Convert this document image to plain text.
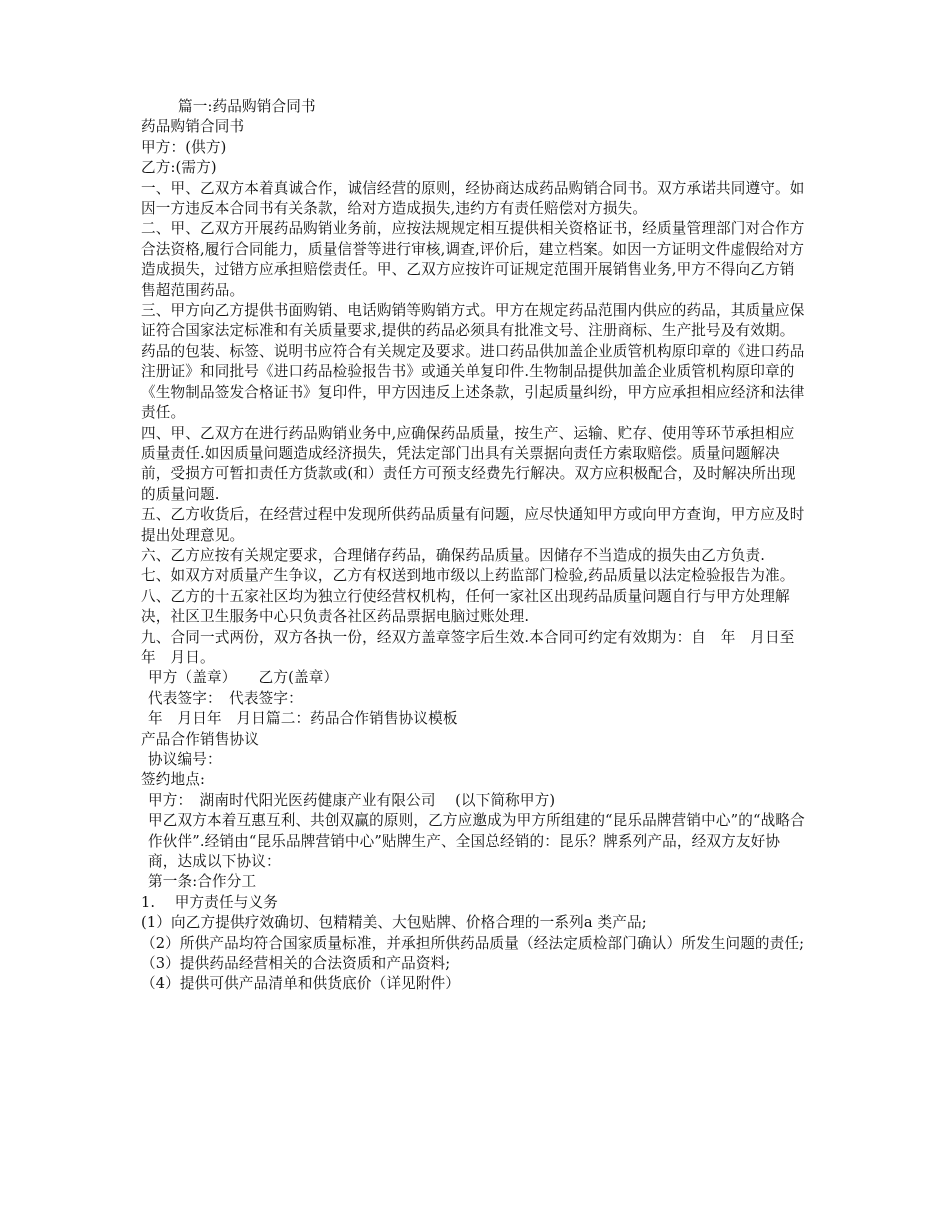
篇一:药品购销合同书
药品购销合同书
甲方：(供方)
乙方:(需方)
一、甲、乙双方本着真诚合作，诚信经营的原则，经协商达成药品购销合同书。双方承诺共同遵守。如因一方违反本合同书有关条款，给对方造成损失,违约方有责任赔偿对方损失。
二、甲、乙双方开展药品购销业务前，应按法规规定相互提供相关资格证书，经质量管理部门对合作方合法资格,履行合同能力，质量信誉等进行审核,调查,评价后，建立档案。如因一方证明文件虚假给对方造成损失，过错方应承担赔偿责任。甲、乙双方应按许可证规定范围开展销售业务,甲方不得向乙方销售超范围药品。
三、甲方向乙方提供书面购销、电话购销等购销方式。甲方在规定药品范围内供应的药品，其质量应保证符合国家法定标准和有关质量要求,提供的药品必须具有批准文号、注册商标、生产批号及有效期。药品的包装、标签、说明书应符合有关规定及要求。进口药品供加盖企业质管机构原印章的《进口药品注册证》和同批号《进口药品检验报告书》或通关单复印件.生物制品提供加盖企业质管机构原印章的《生物制品签发合格证书》复印件，甲方因违反上述条款，引起质量纠纷，甲方应承担相应经济和法律责任。
四、甲、乙双方在进行药品购销业务中,应确保药品质量，按生产、运输、贮存、使用等环节承担相应质量责任.如因质量问题造成经济损失，凭法定部门出具有关票据向责任方索取赔偿。质量问题解决前，受损方可暂扣责任方货款或(和）责任方可预支经费先行解决。双方应积极配合，及时解决所出现的质量问题.
五、乙方收货后，在经营过程中发现所供药品质量有问题，应尽快通知甲方或向甲方查询，甲方应及时提出处理意见。
六、乙方应按有关规定要求，合理储存药品，确保药品质量。因储存不当造成的损失由乙方负责.
七、如双方对质量产生争议，乙方有权送到地市级以上药监部门检验,药品质量以法定检验报告为准。
八、乙方的十五家社区均为独立行使经营权机构，任何一家社区出现药品质量问题自行与甲方处理解决，社区卫生服务中心只负责各社区药品票据电脑过账处理.
九、合同一式两份，双方各执一份，经双方盖章签字后生效.本合同可约定有效期为：自　年　月日至　年　月日。
甲方（盖章）　　乙方(盖章）
代表签字：　代表签字：
年　月日年　月日篇二：药品合作销售协议模板
产品合作销售协议
协议编号：
签约地点:
甲方：　湖南时代阳光医药健康产业有限公司　 (以下简称甲方)
甲乙双方本着互惠互利、共创双赢的原则，乙方应邀成为甲方所组建的“昆乐品牌营销中心”的“战略合作伙伴”.经销由“昆乐品牌营销中心”贴牌生产、全国总经销的：昆乐？牌系列产品，经双方友好协商，达成以下协议：
第一条:合作分工
1.　 甲方责任与义务
(1）向乙方提供疗效确切、包精精美、大包贴牌、价格合理的一系列a 类产品;
（2）所供产品均符合国家质量标准，并承担所供药品质量（经法定质检部门确认）所发生问题的责任;
（3）提供药品经营相关的合法资质和产品资料;
（4）提供可供产品清单和供货底价（详见附件）
